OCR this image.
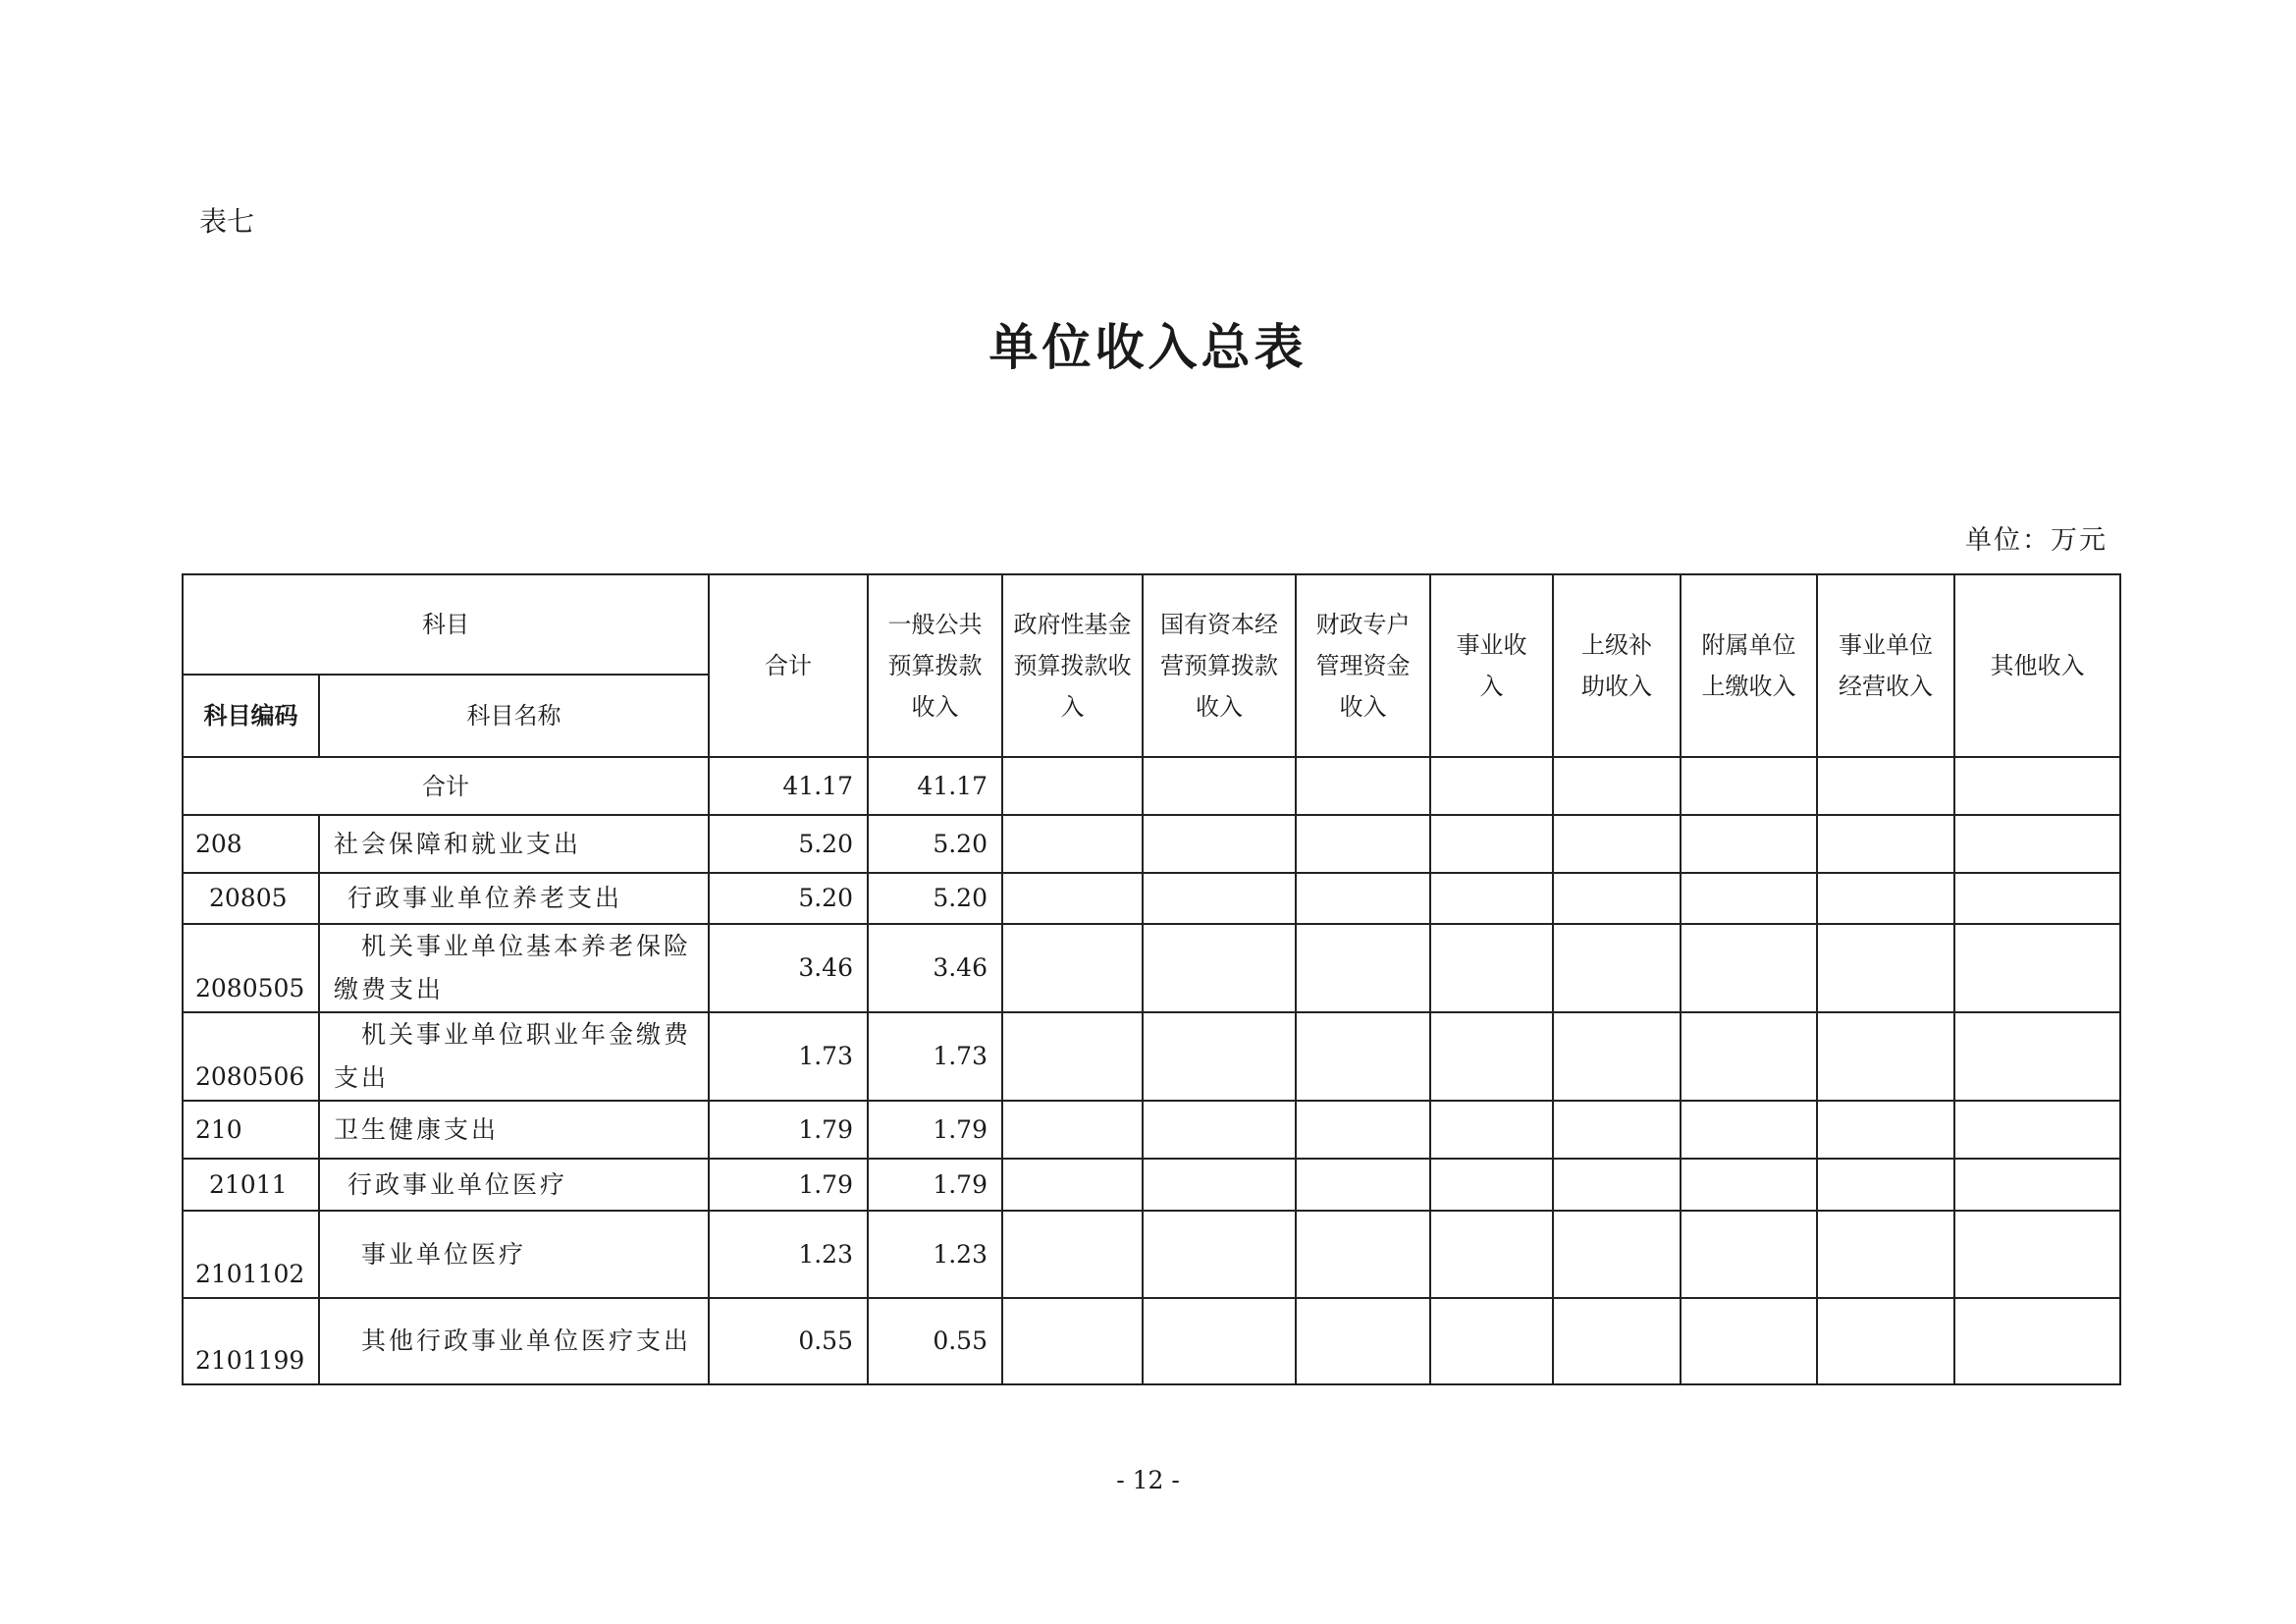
表七
单位收入总表
单位：万元
科目		合计	一般公共预算拨款收入	政府性基金预算拨款收入	国有资本经营预算拨款收入	财政专户管理资金收入	事业收入	上级补助收入	附属单位上缴收入	事业单位经营收入	其他收入
科目编码	科目名称										
合计		41.17	41.17								
208	社会保障和就业支出	5.20	5.20								
20805	行政事业单位养老支出	5.20	5.20								
2080505	机关事业单位基本养老保险缴费支出	3.46	3.46								
2080506	机关事业单位职业年金缴费支出	1.73	1.73								
210	卫生健康支出	1.79	1.79								
21011	行政事业单位医疗	1.79	1.79								
2101102	事业单位医疗	1.23	1.23								
2101199	其他行政事业单位医疗支出	0.55	0.55								
- 12 -
